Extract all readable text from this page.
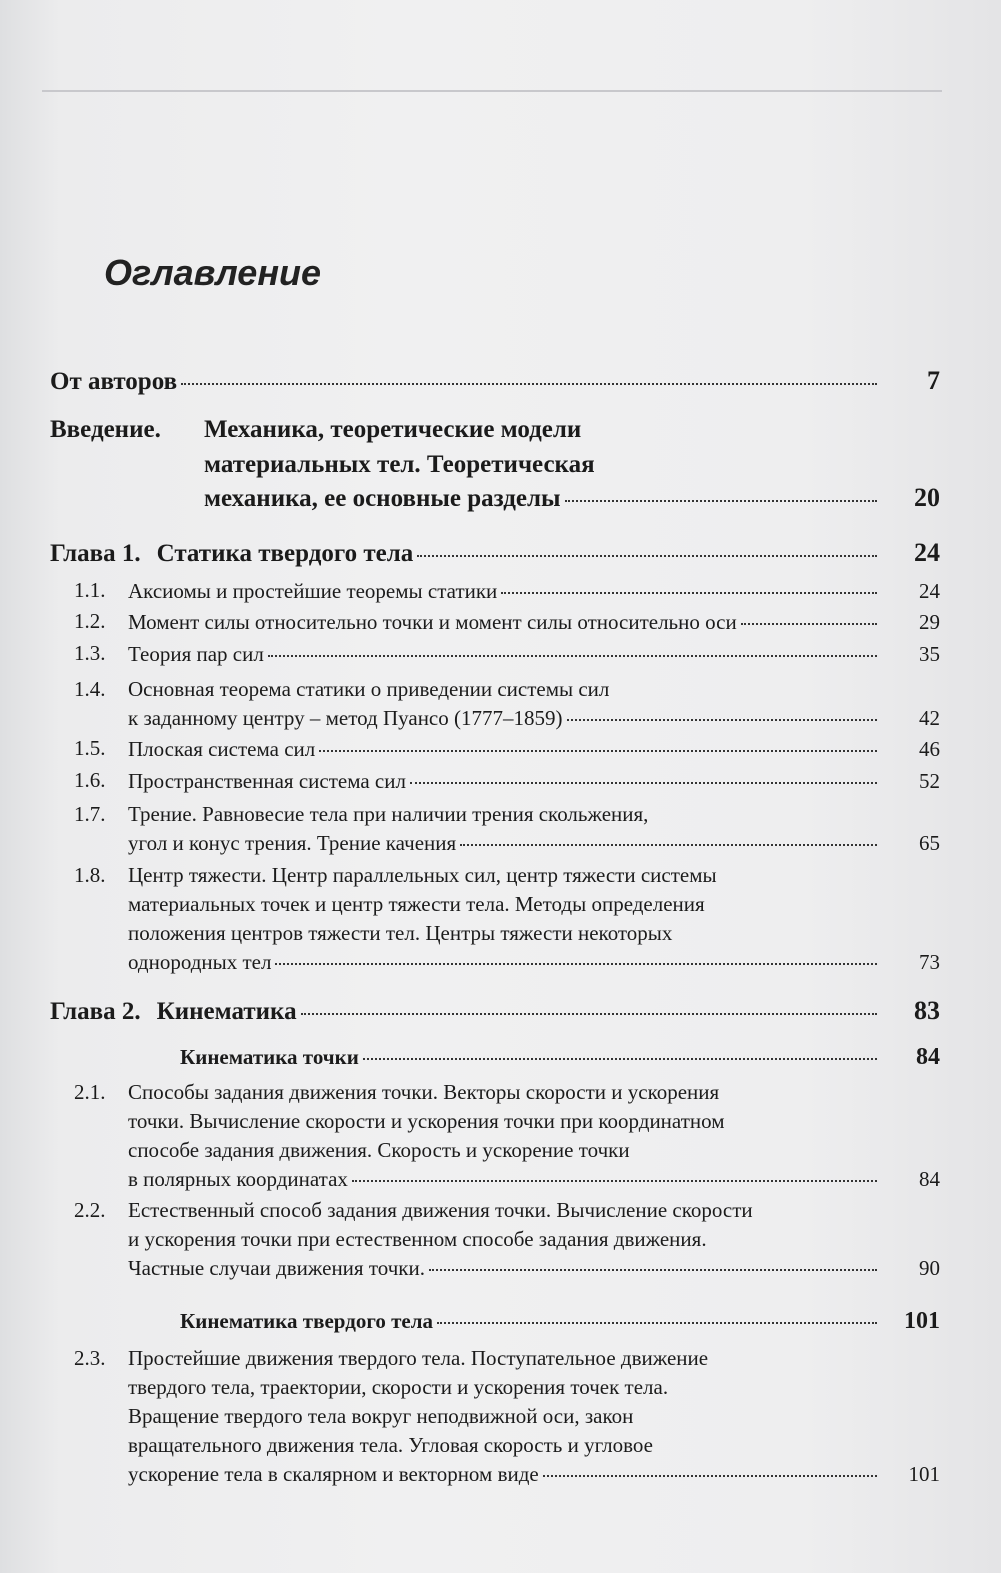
Оглавление
От авторов	7
Введение. Механика, теоретические модели
материальных тел. Теоретическая
механика, ее основные разделы	20
Глава 1. Статика твердого тела	24
1.1. Аксиомы и простейшие теоремы статики	24
1.2. Момент силы относительно точки и момент силы относительно оси	29
1.3. Теория пар сил	35
1.4. Основная теорема статики о приведении системы сил
к заданному центру – метод Пуансо (1777–1859)	42
1.5. Плоская система сил	46
1.6. Пространственная система сил	52
1.7. Трение. Равновесие тела при наличии трения скольжения,
угол и конус трения. Трение качения	65
1.8. Центр тяжести. Центр параллельных сил, центр тяжести системы
материальных точек и центр тяжести тела. Методы определения
положения центров тяжести тел. Центры тяжести некоторых
однородных тел	73
Глава 2. Кинематика	83
Кинематика точки	84
2.1. Способы задания движения точки. Векторы скорости и ускорения
точки. Вычисление скорости и ускорения точки при координатном
способе задания движения. Скорость и ускорение точки
в полярных координатах	84
2.2. Естественный способ задания движения точки. Вычисление скорости
и ускорения точки при естественном способе задания движения.
Частные случаи движения точки.	90
Кинематика твердого тела	101
2.3. Простейшие движения твердого тела. Поступательное движение
твердого тела, траектории, скорости и ускорения точек тела.
Вращение твердого тела вокруг неподвижной оси, закон
вращательного движения тела. Угловая скорость и угловое
ускорение тела в скалярном и векторном виде	101
